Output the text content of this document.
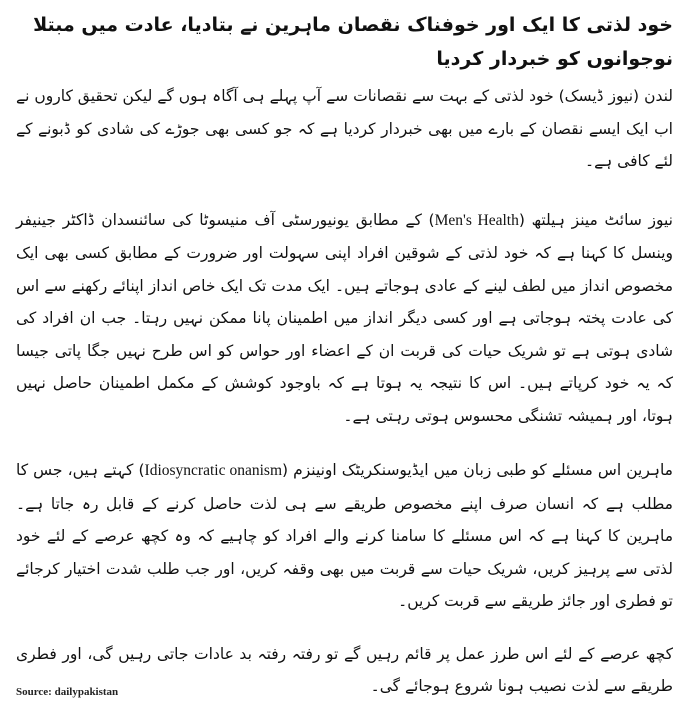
خود لذتی کا ایک اور خوفناک نقصان ماہرین نے بتادیا، عادت میں مبتلا نوجوانوں کو خبردار کردیا

لندن (نیوز ڈیسک) خود لذتی کے بہت سے نقصانات سے آپ پہلے ہی آگاہ ہوں گے لیکن تحقیق کاروں نے اب ایک ایسے نقصان کے بارے میں بھی خبردار کردیا ہے کہ جو کسی بھی جوڑے کی شادی کو ڈبونے کے لئے کافی ہے۔

نیوز سائٹ مینز ہیلتھ (Men's Health) کے مطابق یونیورسٹی آف منیسوٹا کی سائنسدان ڈاکٹر جینیفر وینسل کا کہنا ہے کہ خود لذتی کے شوقین افراد اپنی سہولت اور ضرورت کے مطابق کسی بھی ایک مخصوص انداز میں لطف لینے کے عادی ہوجاتے ہیں۔ ایک مدت تک ایک خاص انداز اپنائے رکھنے سے اس کی عادت پختہ ہوجاتی ہے اور کسی دیگر انداز میں اطمینان پانا ممکن نہیں رہتا۔ جب ان افراد کی شادی ہوتی ہے تو شریک حیات کی قربت ان کے اعضاء اور حواس کو اس طرح نہیں جگا پاتی جیسا کہ یہ خود کرپاتے ہیں۔ اس کا نتیجہ یہ ہوتا ہے کہ باوجود کوشش کے مکمل اطمینان حاصل نہیں ہوتا، اور ہمیشہ تشنگی محسوس ہوتی رہتی ہے۔

ماہرین اس مسئلے کو طبی زبان میں ایڈیوسنکریٹک اونینزم (Idiosyncratic onanism) کہتے ہیں، جس کا مطلب ہے کہ انسان صرف اپنے مخصوص طریقے سے ہی لذت حاصل کرنے کے قابل رہ جاتا ہے۔ ماہرین کا کہنا ہے کہ اس مسئلے کا سامنا کرنے والے افراد کو چاہیے کہ وہ کچھ عرصے کے لئے خود لذتی سے پرہیز کریں، شریک حیات سے قربت میں بھی وقفہ کریں، اور جب طلب شدت اختیار کرجائے تو فطری اور جائز طریقے سے قربت کریں۔

کچھ عرصے کے لئے اس طرز عمل پر قائم رہیں گے تو رفتہ رفتہ بد عادات جاتی رہیں گی، اور فطری طریقے سے لذت نصیب ہونا شروع ہوجائے گی۔

Source: dailypakistan
